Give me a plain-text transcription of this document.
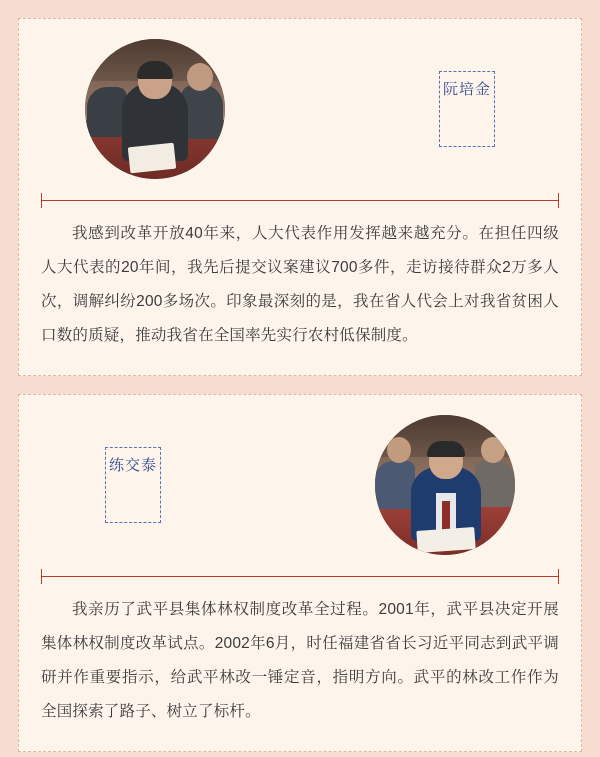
阮培金

我感到改革开放40年来，人大代表作用发挥越来越充分。在担任四级人大代表的20年间，我先后提交议案建议700多件，走访接待群众2万多人次，调解纠纷200多场次。印象最深刻的是，我在省人代会上对我省贫困人口数的质疑，推动我省在全国率先实行农村低保制度。

练交泰

我亲历了武平县集体林权制度改革全过程。2001年，武平县决定开展集体林权制度改革试点。2002年6月，时任福建省省长习近平同志到武平调研并作重要指示，给武平林改一锤定音，指明方向。武平的林改工作作为全国探索了路子、树立了标杆。
